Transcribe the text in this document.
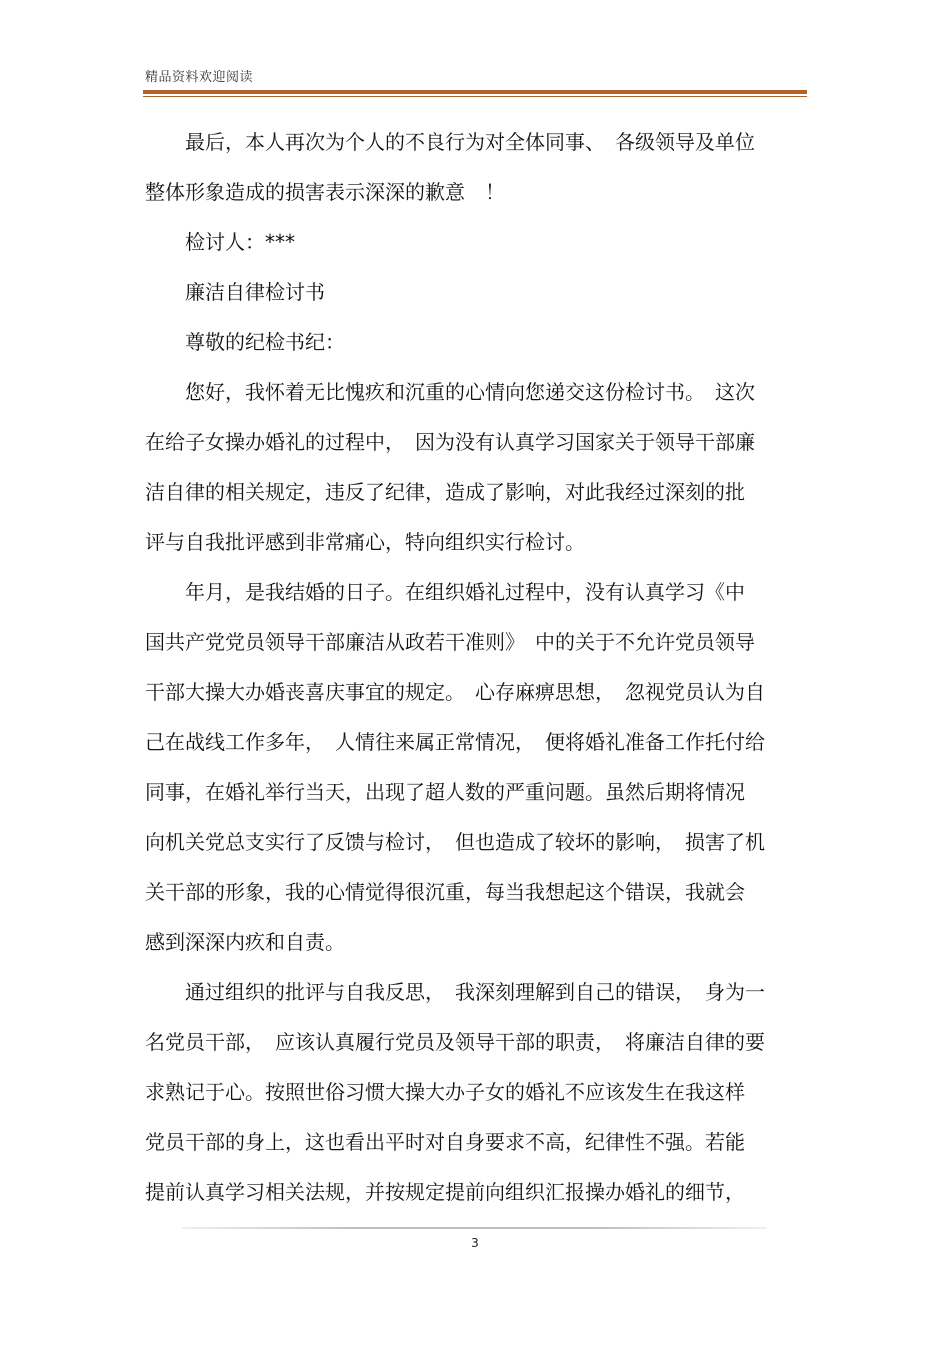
精品资料欢迎阅读
　　最后，本人再次为个人的不良行为对全体同事、　各级领导及单位
整体形象造成的损害表示深深的歉意　！
　　检讨人：***
　　廉洁自律检讨书
　　尊敬的纪检书纪：
　　您好，我怀着无比愧疚和沉重的心情向您递交这份检讨书。　这次
在给子女操办婚礼的过程中，　因为没有认真学习国家关于领导干部廉
洁自律的相关规定，违反了纪律，造成了影响，对此我经过深刻的批
评与自我批评感到非常痛心，特向组织实行检讨。
　　年月，是我结婚的日子。在组织婚礼过程中，没有认真学习《中
国共产党党员领导干部廉洁从政若干准则》　中的关于不允许党员领导
干部大操大办婚丧喜庆事宜的规定。　心存麻痹思想，　忽视党员认为自
己在战线工作多年，　人情往来属正常情况，　便将婚礼准备工作托付给
同事，在婚礼举行当天，出现了超人数的严重问题。虽然后期将情况
向机关党总支实行了反馈与检讨，　但也造成了较坏的影响，　损害了机
关干部的形象，我的心情觉得很沉重，每当我想起这个错误，我就会
感到深深内疚和自责。
　　通过组织的批评与自我反思，　我深刻理解到自己的错误，　身为一
名党员干部，　应该认真履行党员及领导干部的职责，　将廉洁自律的要
求熟记于心。按照世俗习惯大操大办子女的婚礼不应该发生在我这样
党员干部的身上，这也看出平时对自身要求不高，纪律性不强。若能
提前认真学习相关法规，并按规定提前向组织汇报操办婚礼的细节，
3
